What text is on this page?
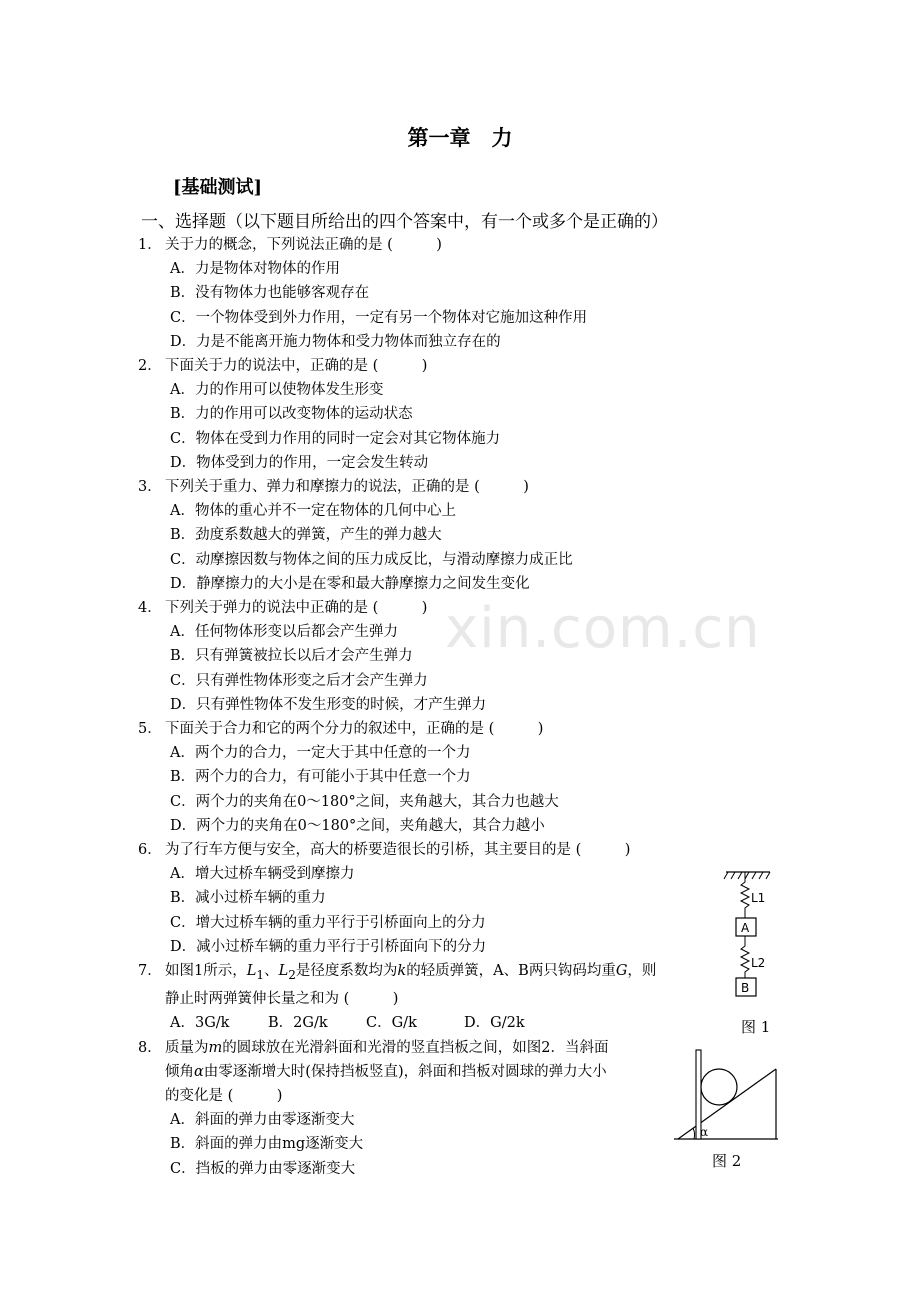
xin.com.cn
第一章　力
[基础测试]
一、选择题（以下题目所给出的四个答案中，有一个或多个是正确的）
1． 关于力的概念，下列说法正确的是 (　　　)
A．力是物体对物体的作用
B．没有物体力也能够客观存在
C．一个物体受到外力作用，一定有另一个物体对它施加这种作用
D．力是不能离开施力物体和受力物体而独立存在的
2． 下面关于力的说法中，正确的是 (　　　)
A．力的作用可以使物体发生形变
B．力的作用可以改变物体的运动状态
C．物体在受到力作用的同时一定会对其它物体施力
D．物体受到力的作用，一定会发生转动
3． 下列关于重力、弹力和摩擦力的说法，正确的是 (　　　)
A．物体的重心并不一定在物体的几何中心上
B．劲度系数越大的弹簧，产生的弹力越大
C．动摩擦因数与物体之间的压力成反比，与滑动摩擦力成正比
D．静摩擦力的大小是在零和最大静摩擦力之间发生变化
4． 下列关于弹力的说法中正确的是 (　　　)
A．任何物体形变以后都会产生弹力
B．只有弹簧被拉长以后才会产生弹力
C．只有弹性物体形变之后才会产生弹力
D．只有弹性物体不发生形变的时候，才产生弹力
5． 下面关于合力和它的两个分力的叙述中，正确的是 (　　　)
A．两个力的合力，一定大于其中任意的一个力
B．两个力的合力，有可能小于其中任意一个力
C．两个力的夹角在0～180°之间，夹角越大，其合力也越大
D．两个力的夹角在0～180°之间，夹角越大，其合力越小
6． 为了行车方便与安全，高大的桥要造很长的引桥，其主要目的是 (　　　)
A．增大过桥车辆受到摩擦力
B．减小过桥车辆的重力
C．增大过桥车辆的重力平行于引桥面向上的分力
D．减小过桥车辆的重力平行于引桥面向下的分力
7． 如图1所示，$L_1$、$L_2$是径度系数均为k的轻质弹簧，A、B两只钩码均重G，则
静止时两弹簧伸长量之和为 (　　　)
A．3G/k	B．2G/k	C．G/k	D．G/2k
8． 质量为m的圆球放在光滑斜面和光滑的竖直挡板之间，如图2．当斜面
倾角α由零逐渐增大时(保持挡板竖直)，斜面和挡板对圆球的弹力大小
的变化是 (　　　)
A．斜面的弹力由零逐渐变大
B．斜面的弹力由mg逐渐变大
C．挡板的弹力由零逐渐变大
L1
A
L2
B
图 1
α
图 2
